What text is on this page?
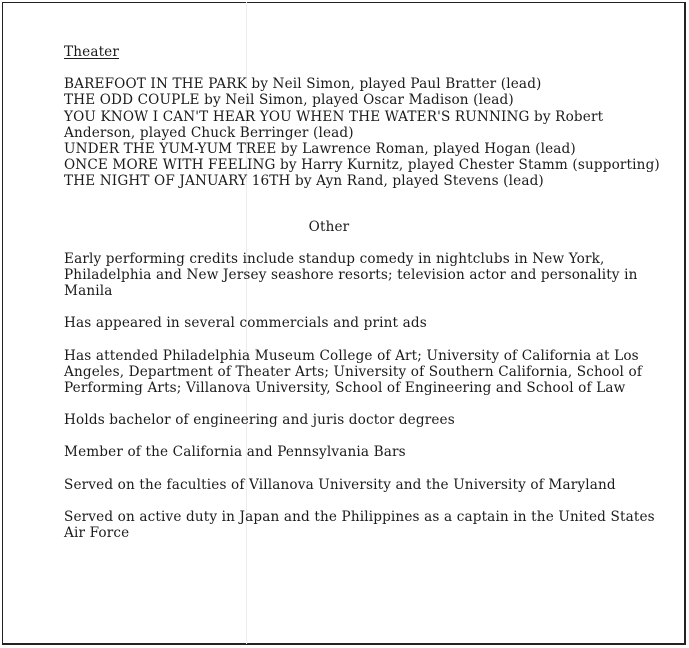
Theater
BAREFOOT IN THE PARK by Neil Simon, played Paul Bratter (lead)
THE ODD COUPLE by Neil Simon, played Oscar Madison (lead)
YOU KNOW I CAN'T HEAR YOU WHEN THE WATER'S RUNNING by Robert Anderson, played Chuck Berringer (lead)
UNDER THE YUM-YUM TREE by Lawrence Roman, played Hogan (lead)
ONCE MORE WITH FEELING by Harry Kurnitz, played Chester Stamm (supporting)
THE NIGHT OF JANUARY 16TH by Ayn Rand, played Stevens (lead)
Other

Early performing credits include standup comedy in nightclubs in New York, Philadelphia and New Jersey seashore resorts; television actor and personality in Manila

Has appeared in several commercials and print ads

Has attended Philadelphia Museum College of Art; University of California at Los Angeles, Department of Theater Arts; University of Southern California, School of Performing Arts; Villanova University, School of Engineering and School of Law

Holds bachelor of engineering and juris doctor degrees

Member of the California and Pennsylvania Bars

Served on the faculties of Villanova University and the University of Maryland

Served on active duty in Japan and the Philippines as a captain in the United States Air Force
